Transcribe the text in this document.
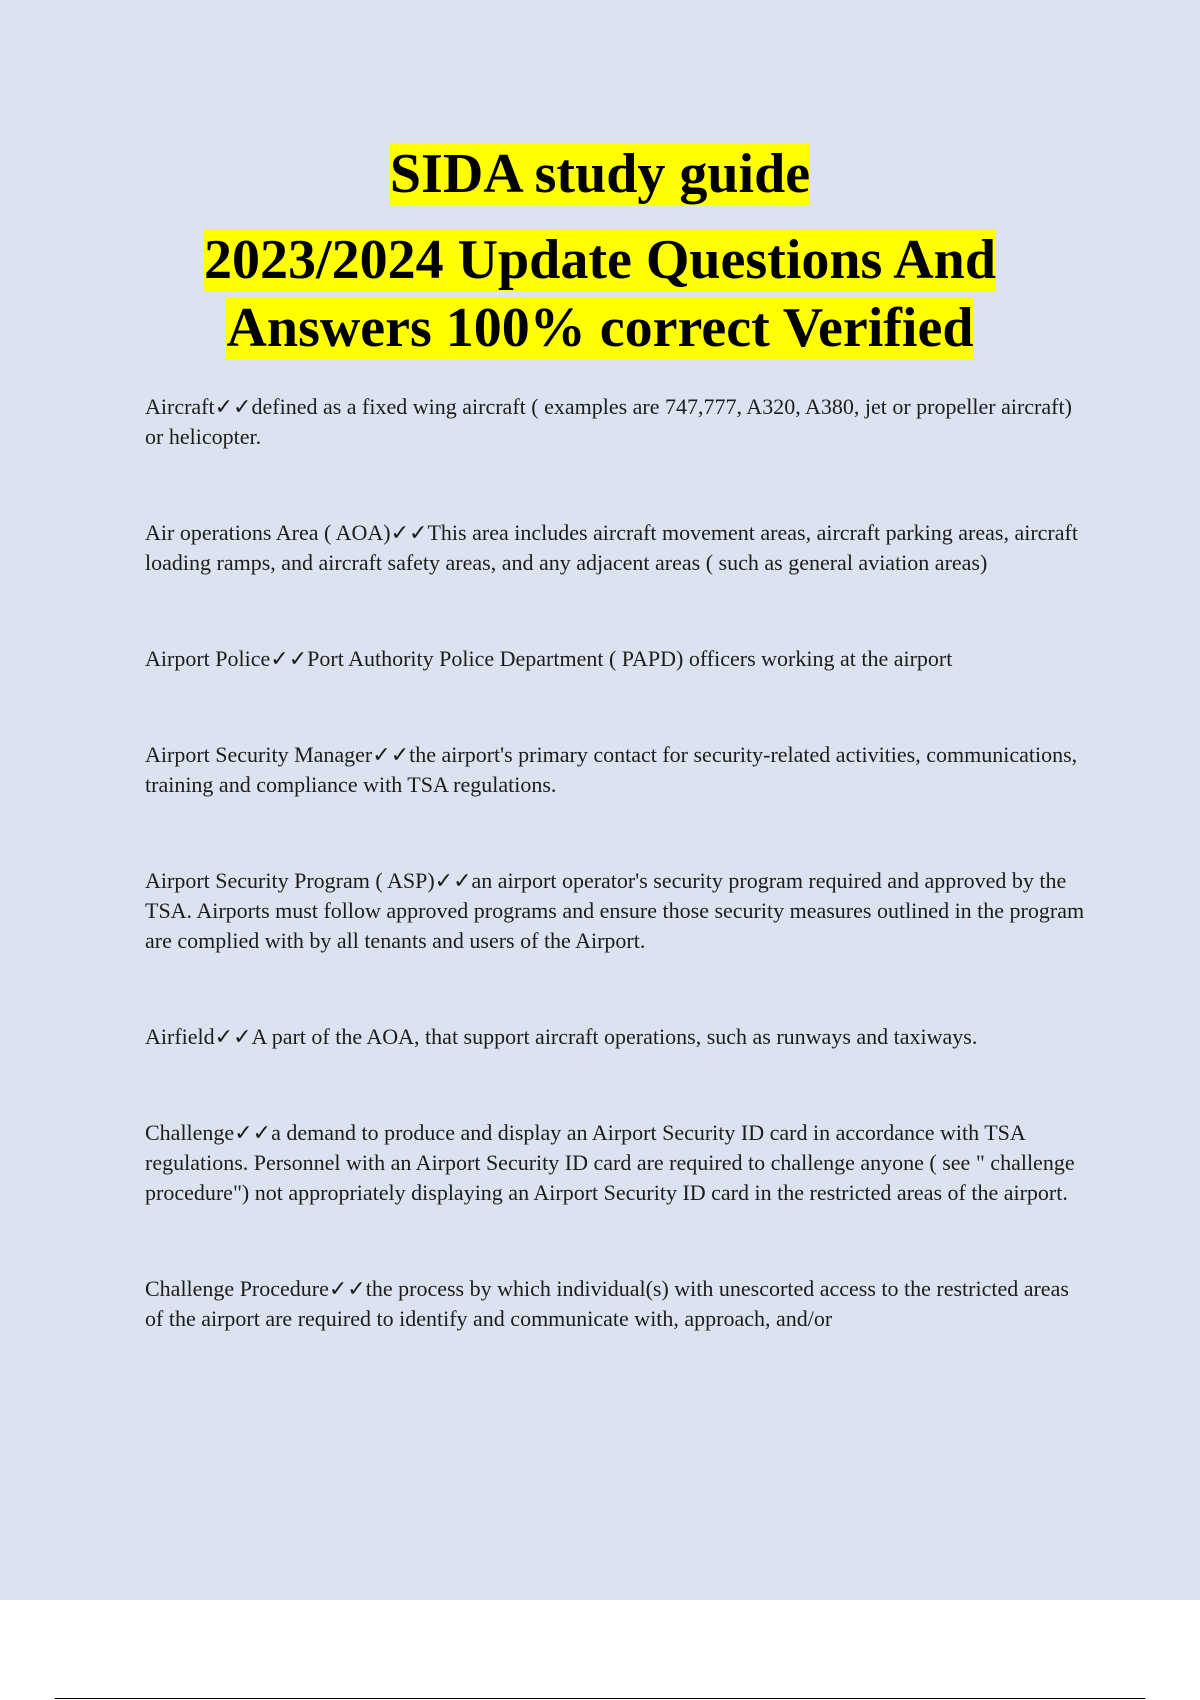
SIDA study guide

2023/2024 Update Questions And Answers 100% correct Verified

Aircraft✓✓defined as a fixed wing aircraft ( examples are 747,777, A320, A380, jet or propeller aircraft) or helicopter.

Air operations Area ( AOA)✓✓This area includes aircraft movement areas, aircraft parking areas, aircraft loading ramps, and aircraft safety areas, and any adjacent areas ( such as general aviation areas)

Airport Police✓✓Port Authority Police Department ( PAPD) officers working at the airport

Airport Security Manager✓✓the airport's primary contact for security-related activities, communications, training and compliance with TSA regulations.

Airport Security Program ( ASP)✓✓an airport operator's security program required and approved by the TSA. Airports must follow approved programs and ensure those security measures outlined in the program are complied with by all tenants and users of the Airport.

Airfield✓✓A part of the AOA, that support aircraft operations, such as runways and taxiways.

Challenge✓✓a demand to produce and display an Airport Security ID card in accordance with TSA regulations. Personnel with an Airport Security ID card are required to challenge anyone ( see " challenge procedure") not appropriately displaying an Airport Security ID card in the restricted areas of the airport.

Challenge Procedure✓✓the process by which individual(s) with unescorted access to the restricted areas of the airport are required to identify and communicate with, approach, and/or
